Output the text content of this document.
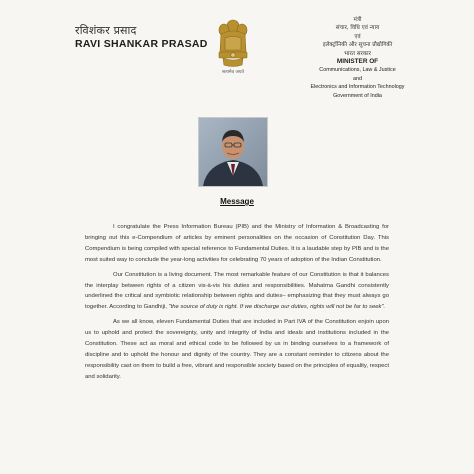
रविशंकर प्रसाद
RAVI SHANKAR PRASAD
सत्यमेव जयते
मंत्री
संचार, विधि एवं न्याय
एवं
इलेक्ट्रॉनिकी और सूचना प्रौद्योगिकी
भारत सरकार
MINISTER OF
Communications, Law & Justice
and
Electronics and Information Technology
Government of India
Message

I congratulate the Press Information Bureau (PIB) and the Ministry of Information & Broadcasting for bringing out this e-Compendium of articles by eminent personalities on the occasion of Constitution Day. This Compendium is being compiled with special reference to Fundamental Duties. It is a laudable step by PIB and is the most suited way to conclude the year-long activities for celebrating 70 years of adoption of the Indian Constitution.

Our Constitution is a living document. The most remarkable feature of our Constitution is that it balances the interplay between rights of a citizen vis-à-vis his duties and responsibilities. Mahatma Gandhi consistently underlined the critical and symbiotic relationship between rights and duties– emphasizing that they must always go together. According to Gandhiji, "the source of duty is right. If we discharge our duties, rights will not be far to seek".

As we all know, eleven Fundamental Duties that are included in Part IVA of the Constitution enjoin upon us to uphold and protect the sovereignty, unity and integrity of India and ideals and institutions included in the Constitution. These act as moral and ethical code to be followed by us in binding ourselves to a framework of discipline and to uphold the honour and dignity of the country. They are a constant reminder to citizens about the responsibility cast on them to build a free, vibrant and responsible society based on the principles of equality, respect and solidarity.
